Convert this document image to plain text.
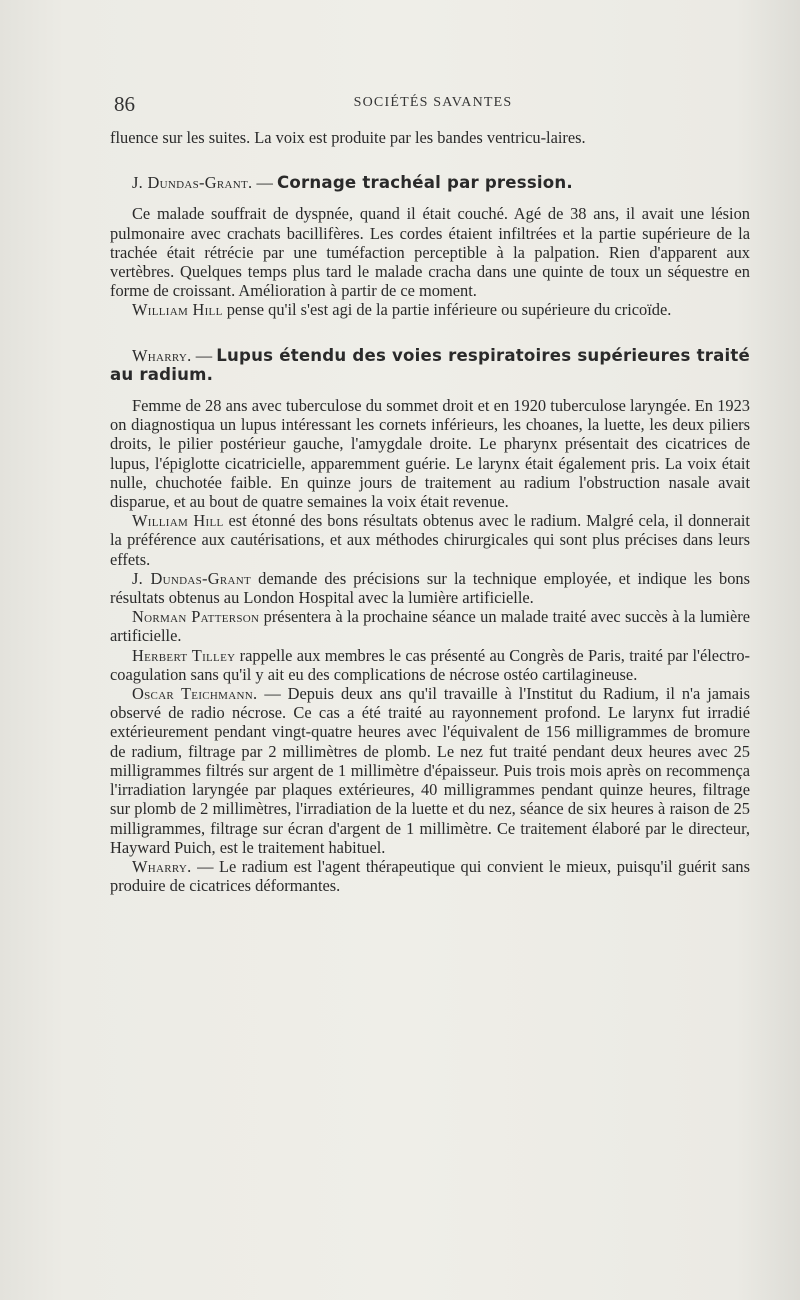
86	SOCIÉTÉS SAVANTES

fluence sur les suites. La voix est produite par les bandes ventricu-laires.

J. Dundas-Grant. — Cornage trachéal par pression.

Ce malade souffrait de dyspnée, quand il était couché. Agé de 38 ans, il avait une lésion pulmonaire avec crachats bacillifères. Les cordes étaient infiltrées et la partie supérieure de la trachée était rétrécie par une tuméfaction perceptible à la palpation. Rien d'apparent aux vertèbres. Quelques temps plus tard le malade cracha dans une quinte de toux un séquestre en forme de croissant. Amélioration à partir de ce moment.

William Hill pense qu'il s'est agi de la partie inférieure ou supérieure du cricoïde.

Wharry. — Lupus étendu des voies respiratoires supérieures traité au radium.

Femme de 28 ans avec tuberculose du sommet droit et en 1920 tuberculose laryngée. En 1923 on diagnostiqua un lupus intéressant les cornets inférieurs, les choanes, la luette, les deux piliers droits, le pilier postérieur gauche, l'amygdale droite. Le pharynx présentait des cicatrices de lupus, l'épiglotte cicatricielle, apparemment guérie. Le larynx était également pris. La voix était nulle, chuchotée faible. En quinze jours de traitement au radium l'obstruction nasale avait disparue, et au bout de quatre semaines la voix était revenue.

William Hill est étonné des bons résultats obtenus avec le radium. Malgré cela, il donnerait la préférence aux cautérisations, et aux méthodes chirurgicales qui sont plus précises dans leurs effets.

J. Dundas-Grant demande des précisions sur la technique employée, et indique les bons résultats obtenus au London Hospital avec la lumière artificielle.

Norman Patterson présentera à la prochaine séance un malade traité avec succès à la lumière artificielle.

Herbert Tilley rappelle aux membres le cas présenté au Congrès de Paris, traité par l'électro-coagulation sans qu'il y ait eu des complications de nécrose ostéo cartilagineuse.

Oscar Teichmann. — Depuis deux ans qu'il travaille à l'Institut du Radium, il n'a jamais observé de radio nécrose. Ce cas a été traité au rayonnement profond. Le larynx fut irradié extérieurement pendant vingt-quatre heures avec l'équivalent de 156 milligrammes de bromure de radium, filtrage par 2 millimètres de plomb. Le nez fut traité pendant deux heures avec 25 milligrammes filtrés sur argent de 1 millimètre d'épaisseur. Puis trois mois après on recommença l'irradiation laryngée par plaques extérieures, 40 milligrammes pendant quinze heures, filtrage sur plomb de 2 millimètres, l'irradiation de la luette et du nez, séance de six heures à raison de 25 milligrammes, filtrage sur écran d'argent de 1 millimètre. Ce traitement élaboré par le directeur, Hayward Puich, est le traitement habituel.

Wharry. — Le radium est l'agent thérapeutique qui convient le mieux, puisqu'il guérit sans produire de cicatrices déformantes.
